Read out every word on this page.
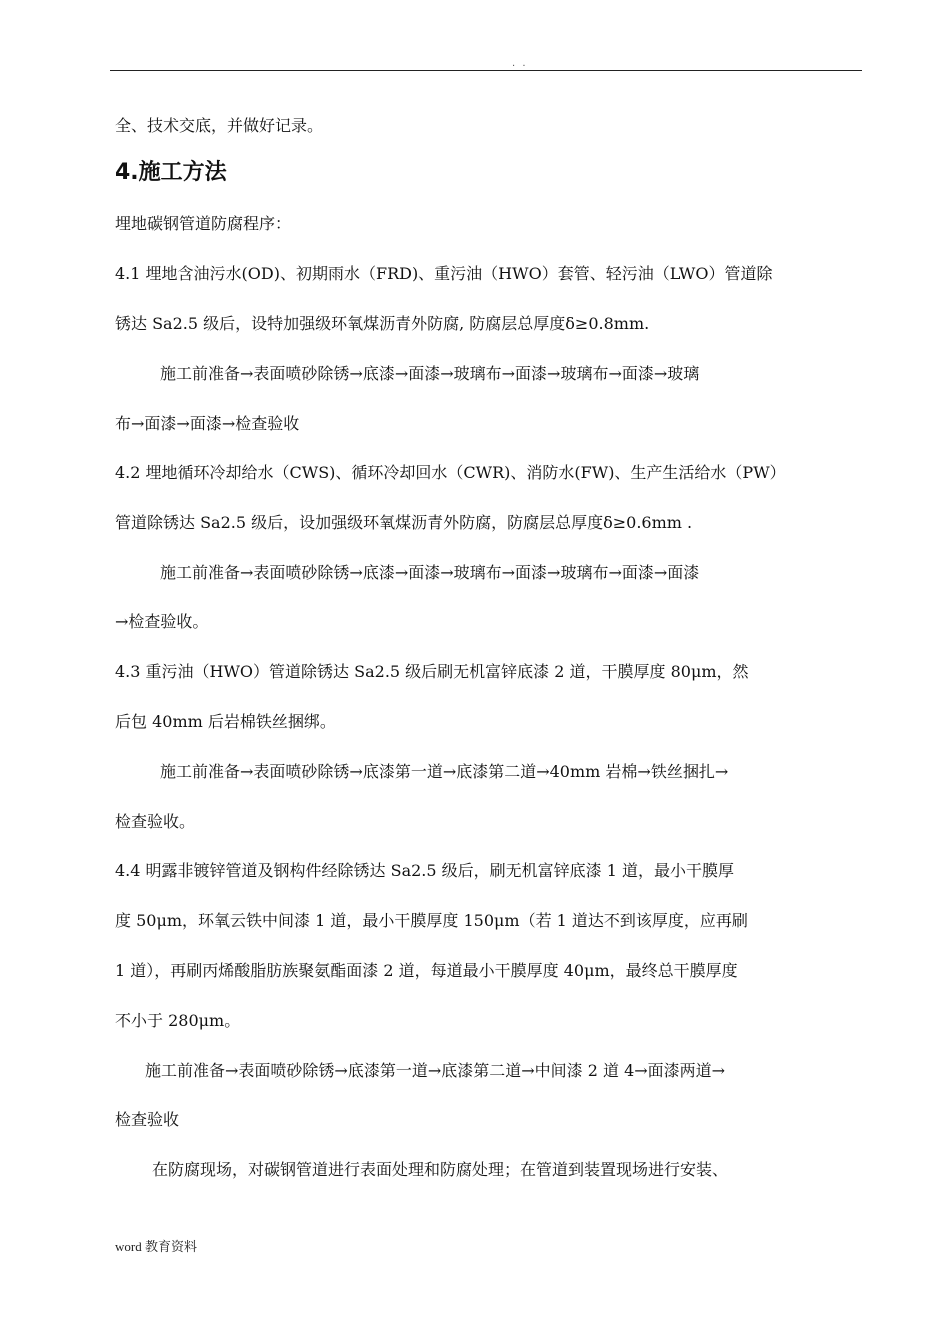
. .
全、技术交底，并做好记录。
4.施工方法
埋地碳钢管道防腐程序：
4.1 埋地含油污水(OD)、初期雨水（FRD)、重污油（HWO）套管、轻污油（LWO）管道除
锈达 Sa2.5 级后，设特加强级环氧煤沥青外防腐, 防腐层总厚度δ≥0.8mm.
施工前准备→表面喷砂除锈→底漆→面漆→玻璃布→面漆→玻璃布→面漆→玻璃
布→面漆→面漆→检查验收
4.2 埋地循环冷却给水（CWS)、循环冷却回水（CWR)、消防水(FW)、生产生活给水（PW）
管道除锈达 Sa2.5 级后，设加强级环氧煤沥青外防腐，防腐层总厚度δ≥0.6mm .
施工前准备→表面喷砂除锈→底漆→面漆→玻璃布→面漆→玻璃布→面漆→面漆
→检查验收。
4.3 重污油（HWO）管道除锈达 Sa2.5 级后刷无机富锌底漆 2 道，干膜厚度 80μm，然
后包 40mm 后岩棉铁丝捆绑。
施工前准备→表面喷砂除锈→底漆第一道→底漆第二道→40mm 岩棉→铁丝捆扎→
检查验收。
4.4 明露非镀锌管道及钢构件经除锈达 Sa2.5 级后，刷无机富锌底漆 1 道，最小干膜厚
度 50μm，环氧云铁中间漆 1 道，最小干膜厚度 150μm（若 1 道达不到该厚度，应再刷
1 道），再刷丙烯酸脂肪族聚氨酯面漆 2 道，每道最小干膜厚度 40μm，最终总干膜厚度
不小于 280μm。
施工前准备→表面喷砂除锈→底漆第一道→底漆第二道→中间漆 2 道 4→面漆两道→
检查验收
在防腐现场，对碳钢管道进行表面处理和防腐处理；在管道到装置现场进行安装、
word 教育资料
